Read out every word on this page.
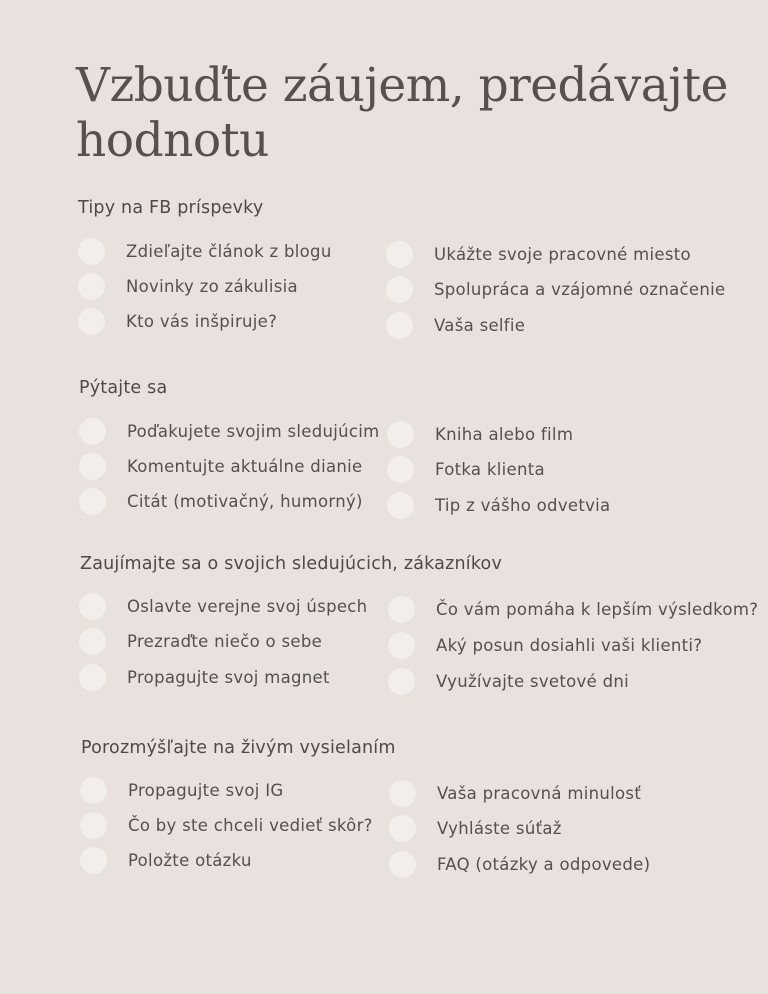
Vzbuďte záujem, predávajte hodnotu
Tipy na FB príspevky
Zdieľajte článok z blogu
Novinky zo zákulisia
Kto vás inšpiruje?
Ukážte svoje pracovné miesto
Spolupráca a vzájomné označenie
Vaša selfie
Pýtajte sa
Poďakujete svojim sledujúcim
Komentujte aktuálne dianie
Citát (motivačný, humorný)
Kniha alebo film
Fotka klienta
Tip z vášho odvetvia
Zaujímajte sa o svojich sledujúcich, zákazníkov
Oslavte verejne svoj úspech
Prezraďte niečo o sebe
Propagujte svoj magnet
Čo vám pomáha k lepším výsledkom?
Aký posun dosiahli vaši klienti?
Využívajte svetové dni
Porozmýšľajte na živým vysielaním
Propagujte svoj IG
Čo by ste chceli vedieť skôr?
Položte otázku
Vaša pracovná minulosť
Vyhláste súťaž
FAQ (otázky a odpovede)
